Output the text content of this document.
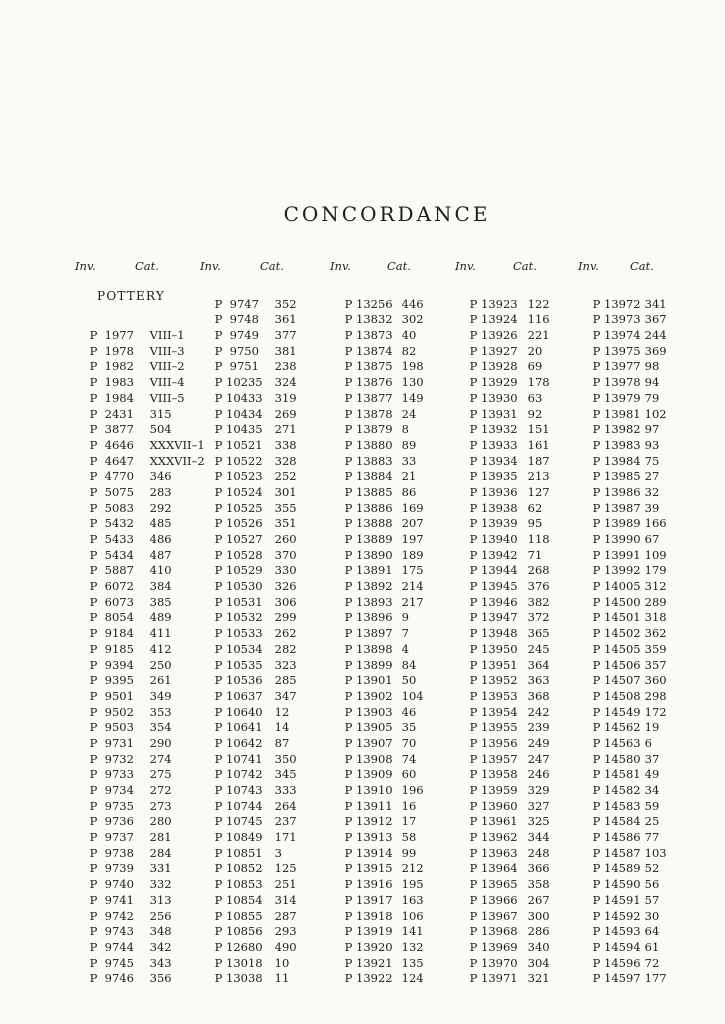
CONCORDANCE
Inv.	Cat.
POTTERY

P  1977 VIII–1

P  1978 VIII–3

P  1982 VIII–2

P  1983 VIII–4

P  1984 VIII–5

P  2431 315

P  3877 504

P  4646 XXXVII–1

P  4647 XXXVII–2

P  4770 346

P  5075 283

P  5083 292

P  5432 485

P  5433 486

P  5434 487

P  5887 410

P  6072 384

P  6073 385

P  8054 489

P  9184 411

P  9185 412

P  9394 250

P  9395 261

P  9501 349

P  9502 353

P  9503 354

P  9731 290

P  9732 274

P  9733 275

P  9734 272

P  9735 273

P  9736 280

P  9737 281

P  9738 284

P  9739 331

P  9740 332

P  9741 313

P  9742 256

P  9743 348

P  9744 342

P  9745 343

P  9746 356

Inv.	Cat.

P  9747 352

P  9748 361

P  9749 377

P  9750 381

P  9751 238

P 10235 324

P 10433 319

P 10434 269

P 10435 271

P 10521 338

P 10522 328

P 10523 252

P 10524 301

P 10525 355

P 10526 351

P 10527 260

P 10528 370

P 10529 330

P 10530 326

P 10531 306

P 10532 299

P 10533 262

P 10534 282

P 10535 323

P 10536 285

P 10637 347

P 10640 12

P 10641 14

P 10642 87

P 10741 350

P 10742 345

P 10743 333

P 10744 264

P 10745 237

P 10849 171

P 10851 3

P 10852 125

P 10853 251

P 10854 314

P 10855 287

P 10856 293

P 12680 490

P 13018 10

P 13038 11

Inv.	Cat.

P 13256 446

P 13832 302

P 13873 40

P 13874 82

P 13875 198

P 13876 130

P 13877 149

P 13878 24

P 13879 8

P 13880 89

P 13883 33

P 13884 21

P 13885 86

P 13886 169

P 13888 207

P 13889 197

P 13890 189

P 13891 175

P 13892 214

P 13893 217

P 13896 9

P 13897 7

P 13898 4

P 13899 84

P 13901 50

P 13902 104

P 13903 46

P 13905 35

P 13907 70

P 13908 74

P 13909 60

P 13910 196

P 13911 16

P 13912 17

P 13913 58

P 13914 99

P 13915 212

P 13916 195

P 13917 163

P 13918 106

P 13919 141

P 13920 132

P 13921 135

P 13922 124

Inv.	Cat.

P 13923 122

P 13924 116

P 13926 221

P 13927 20

P 13928 69

P 13929 178

P 13930 63

P 13931 92

P 13932 151

P 13933 161

P 13934 187

P 13935 213

P 13936 127

P 13938 62

P 13939 95

P 13940 118

P 13942 71

P 13944 268

P 13945 376

P 13946 382

P 13947 372

P 13948 365

P 13950 245

P 13951 364

P 13952 363

P 13953 368

P 13954 242

P 13955 239

P 13956 249

P 13957 247

P 13958 246

P 13959 329

P 13960 327

P 13961 325

P 13962 344

P 13963 248

P 13964 366

P 13965 358

P 13966 267

P 13967 300

P 13968 286

P 13969 340

P 13970 304

P 13971 321

Inv.	Cat.

P 13972 341

P 13973 367

P 13974 244

P 13975 369

P 13977 98

P 13978 94

P 13979 79

P 13981 102

P 13982 97

P 13983 93

P 13984 75

P 13985 27

P 13986 32

P 13987 39

P 13989 166

P 13990 67

P 13991 109

P 13992 179

P 14005 312

P 14500 289

P 14501 318

P 14502 362

P 14505 359

P 14506 357

P 14507 360

P 14508 298

P 14549 172

P 14562 19

P 14563 6

P 14580 37

P 14581 49

P 14582 34

P 14583 59

P 14584 25

P 14586 77

P 14587 103

P 14589 52

P 14590 56

P 14591 57

P 14592 30

P 14593 64

P 14594 61

P 14596 72

P 14597 177
